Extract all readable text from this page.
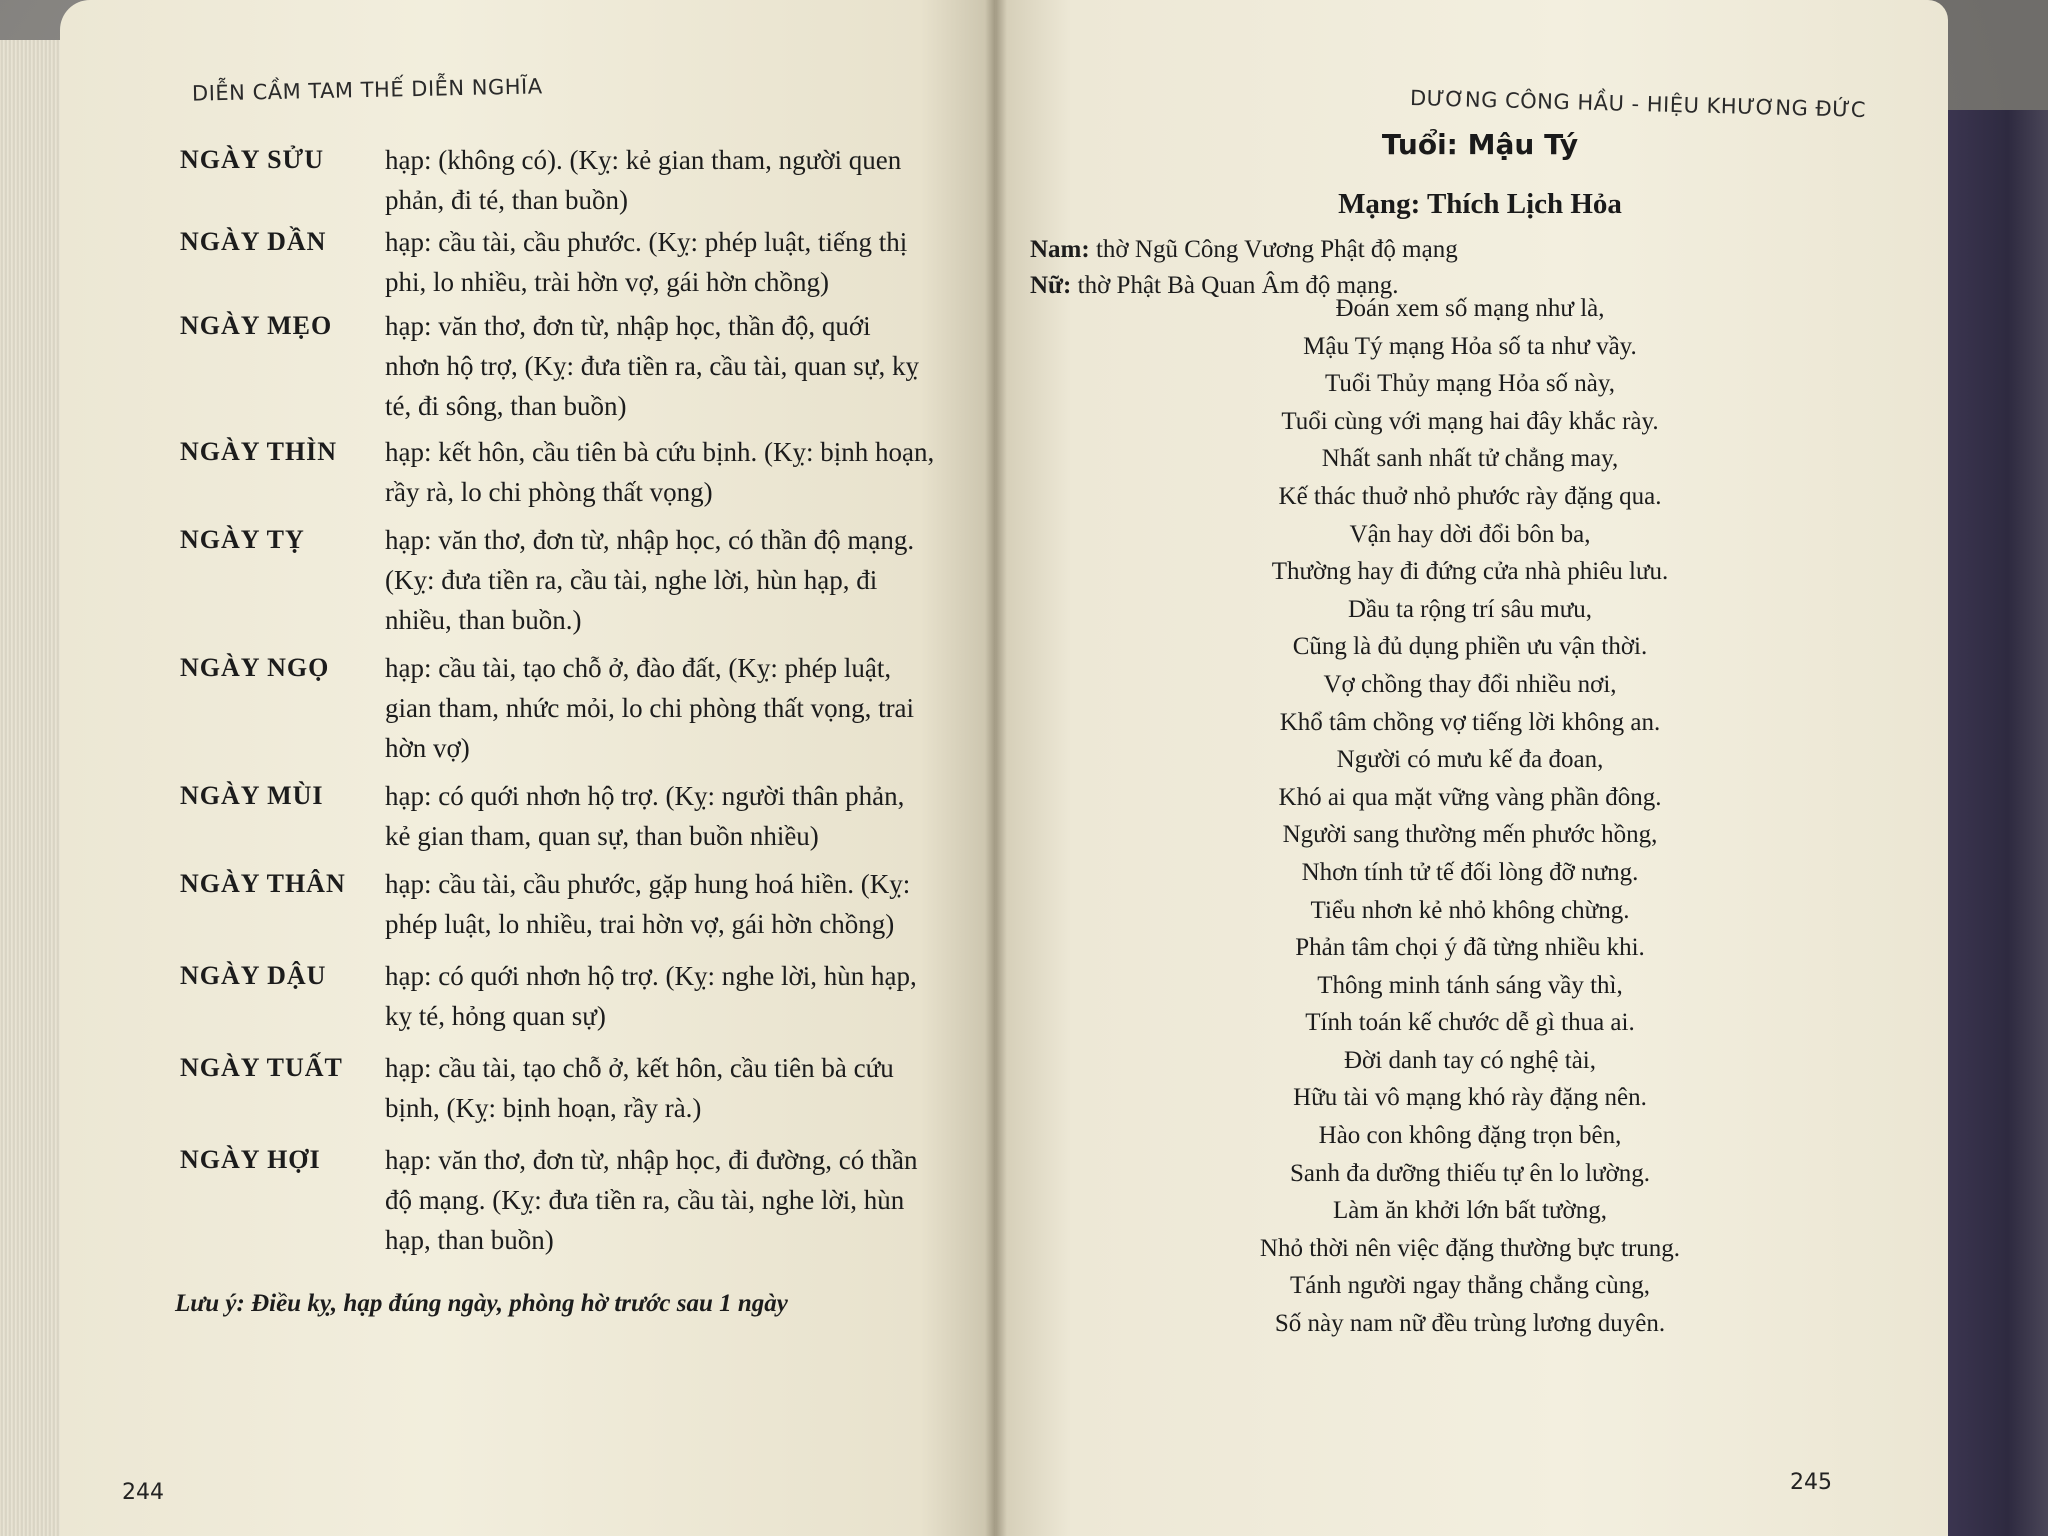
DIỄN CẦM TAM THẾ DIỄN NGHĨA
NGÀY SỬU	hạp: (không có). (Kỵ: kẻ gian tham, người quen
phản, đi té, than buồn)
NGÀY DẦN	hạp: cầu tài, cầu phước. (Kỵ: phép luật, tiếng thị
phi, lo nhiều, trài hờn vợ, gái hờn chồng)
NGÀY MẸO	hạp: văn thơ, đơn từ, nhập học, thần độ, quới
nhơn hộ trợ, (Kỵ: đưa tiền ra, cầu tài, quan sự, kỵ
té, đi sông, than buồn)
NGÀY THÌN	hạp: kết hôn, cầu tiên bà cứu bịnh. (Kỵ: bịnh hoạn,
rầy rà, lo chi phòng thất vọng)
NGÀY TỴ	hạp: văn thơ, đơn từ, nhập học, có thần độ mạng.
(Kỵ: đưa tiền ra, cầu tài, nghe lời, hùn hạp, đi
nhiều, than buồn.)
NGÀY NGỌ	hạp: cầu tài, tạo chỗ ở, đào đất, (Kỵ: phép luật,
gian tham, nhức mỏi, lo chi phòng thất vọng, trai
hờn vợ)
NGÀY MÙI	hạp: có quới nhơn hộ trợ. (Kỵ: người thân phản,
kẻ gian tham, quan sự, than buồn nhiều)
NGÀY THÂN	hạp: cầu tài, cầu phước, gặp hung hoá hiền. (Kỵ:
phép luật, lo nhiều, trai hờn vợ, gái hờn chồng)
NGÀY DẬU	hạp: có quới nhơn hộ trợ. (Kỵ: nghe lời, hùn hạp,
kỵ té, hỏng quan sự)
NGÀY TUẤT	hạp: cầu tài, tạo chỗ ở, kết hôn, cầu tiên bà cứu
bịnh, (Kỵ: bịnh hoạn, rầy rà.)
NGÀY HỢI	hạp: văn thơ, đơn từ, nhập học, đi đường, có thần
độ mạng. (Kỵ: đưa tiền ra, cầu tài, nghe lời, hùn
hạp, than buồn)
Lưu ý: Điều kỵ, hạp đúng ngày, phòng hờ trước sau 1 ngày
244
DƯƠNG CÔNG HẦU - HIỆU KHƯƠNG ĐỨC
Tuổi: Mậu Tý
Mạng: Thích Lịch Hỏa
Nam: thờ Ngũ Công Vương Phật độ mạng
Nữ: thờ Phật Bà Quan Âm độ mạng.
Đoán xem số mạng như là,
Mậu Tý mạng Hỏa số ta như vầy.
Tuổi Thủy mạng Hỏa số này,
Tuổi cùng với mạng hai đây khắc rày.
Nhất sanh nhất tử chẳng may,
Kế thác thuở nhỏ phước rày đặng qua.
Vận hay dời đổi bôn ba,
Thường hay đi đứng cửa nhà phiêu lưu.
Dầu ta rộng trí sâu mưu,
Cũng là đủ dụng phiền ưu vận thời.
Vợ chồng thay đổi nhiều nơi,
Khổ tâm chồng vợ tiếng lời không an.
Người có mưu kế đa đoan,
Khó ai qua mặt vững vàng phần đông.
Người sang thường mến phước hồng,
Nhơn tính tử tế đối lòng đỡ nưng.
Tiểu nhơn kẻ nhỏ không chừng.
Phản tâm chọi ý đã từng nhiều khi.
Thông minh tánh sáng vầy thì,
Tính toán kế chước dễ gì thua ai.
Đời danh tay có nghệ tài,
Hữu tài vô mạng khó rày đặng nên.
Hào con không đặng trọn bên,
Sanh đa dưỡng thiếu tự ên lo lường.
Làm ăn khởi lớn bất tường,
Nhỏ thời nên việc đặng thường bực trung.
Tánh người ngay thẳng chẳng cùng,
Số này nam nữ đều trùng lương duyên.
245
